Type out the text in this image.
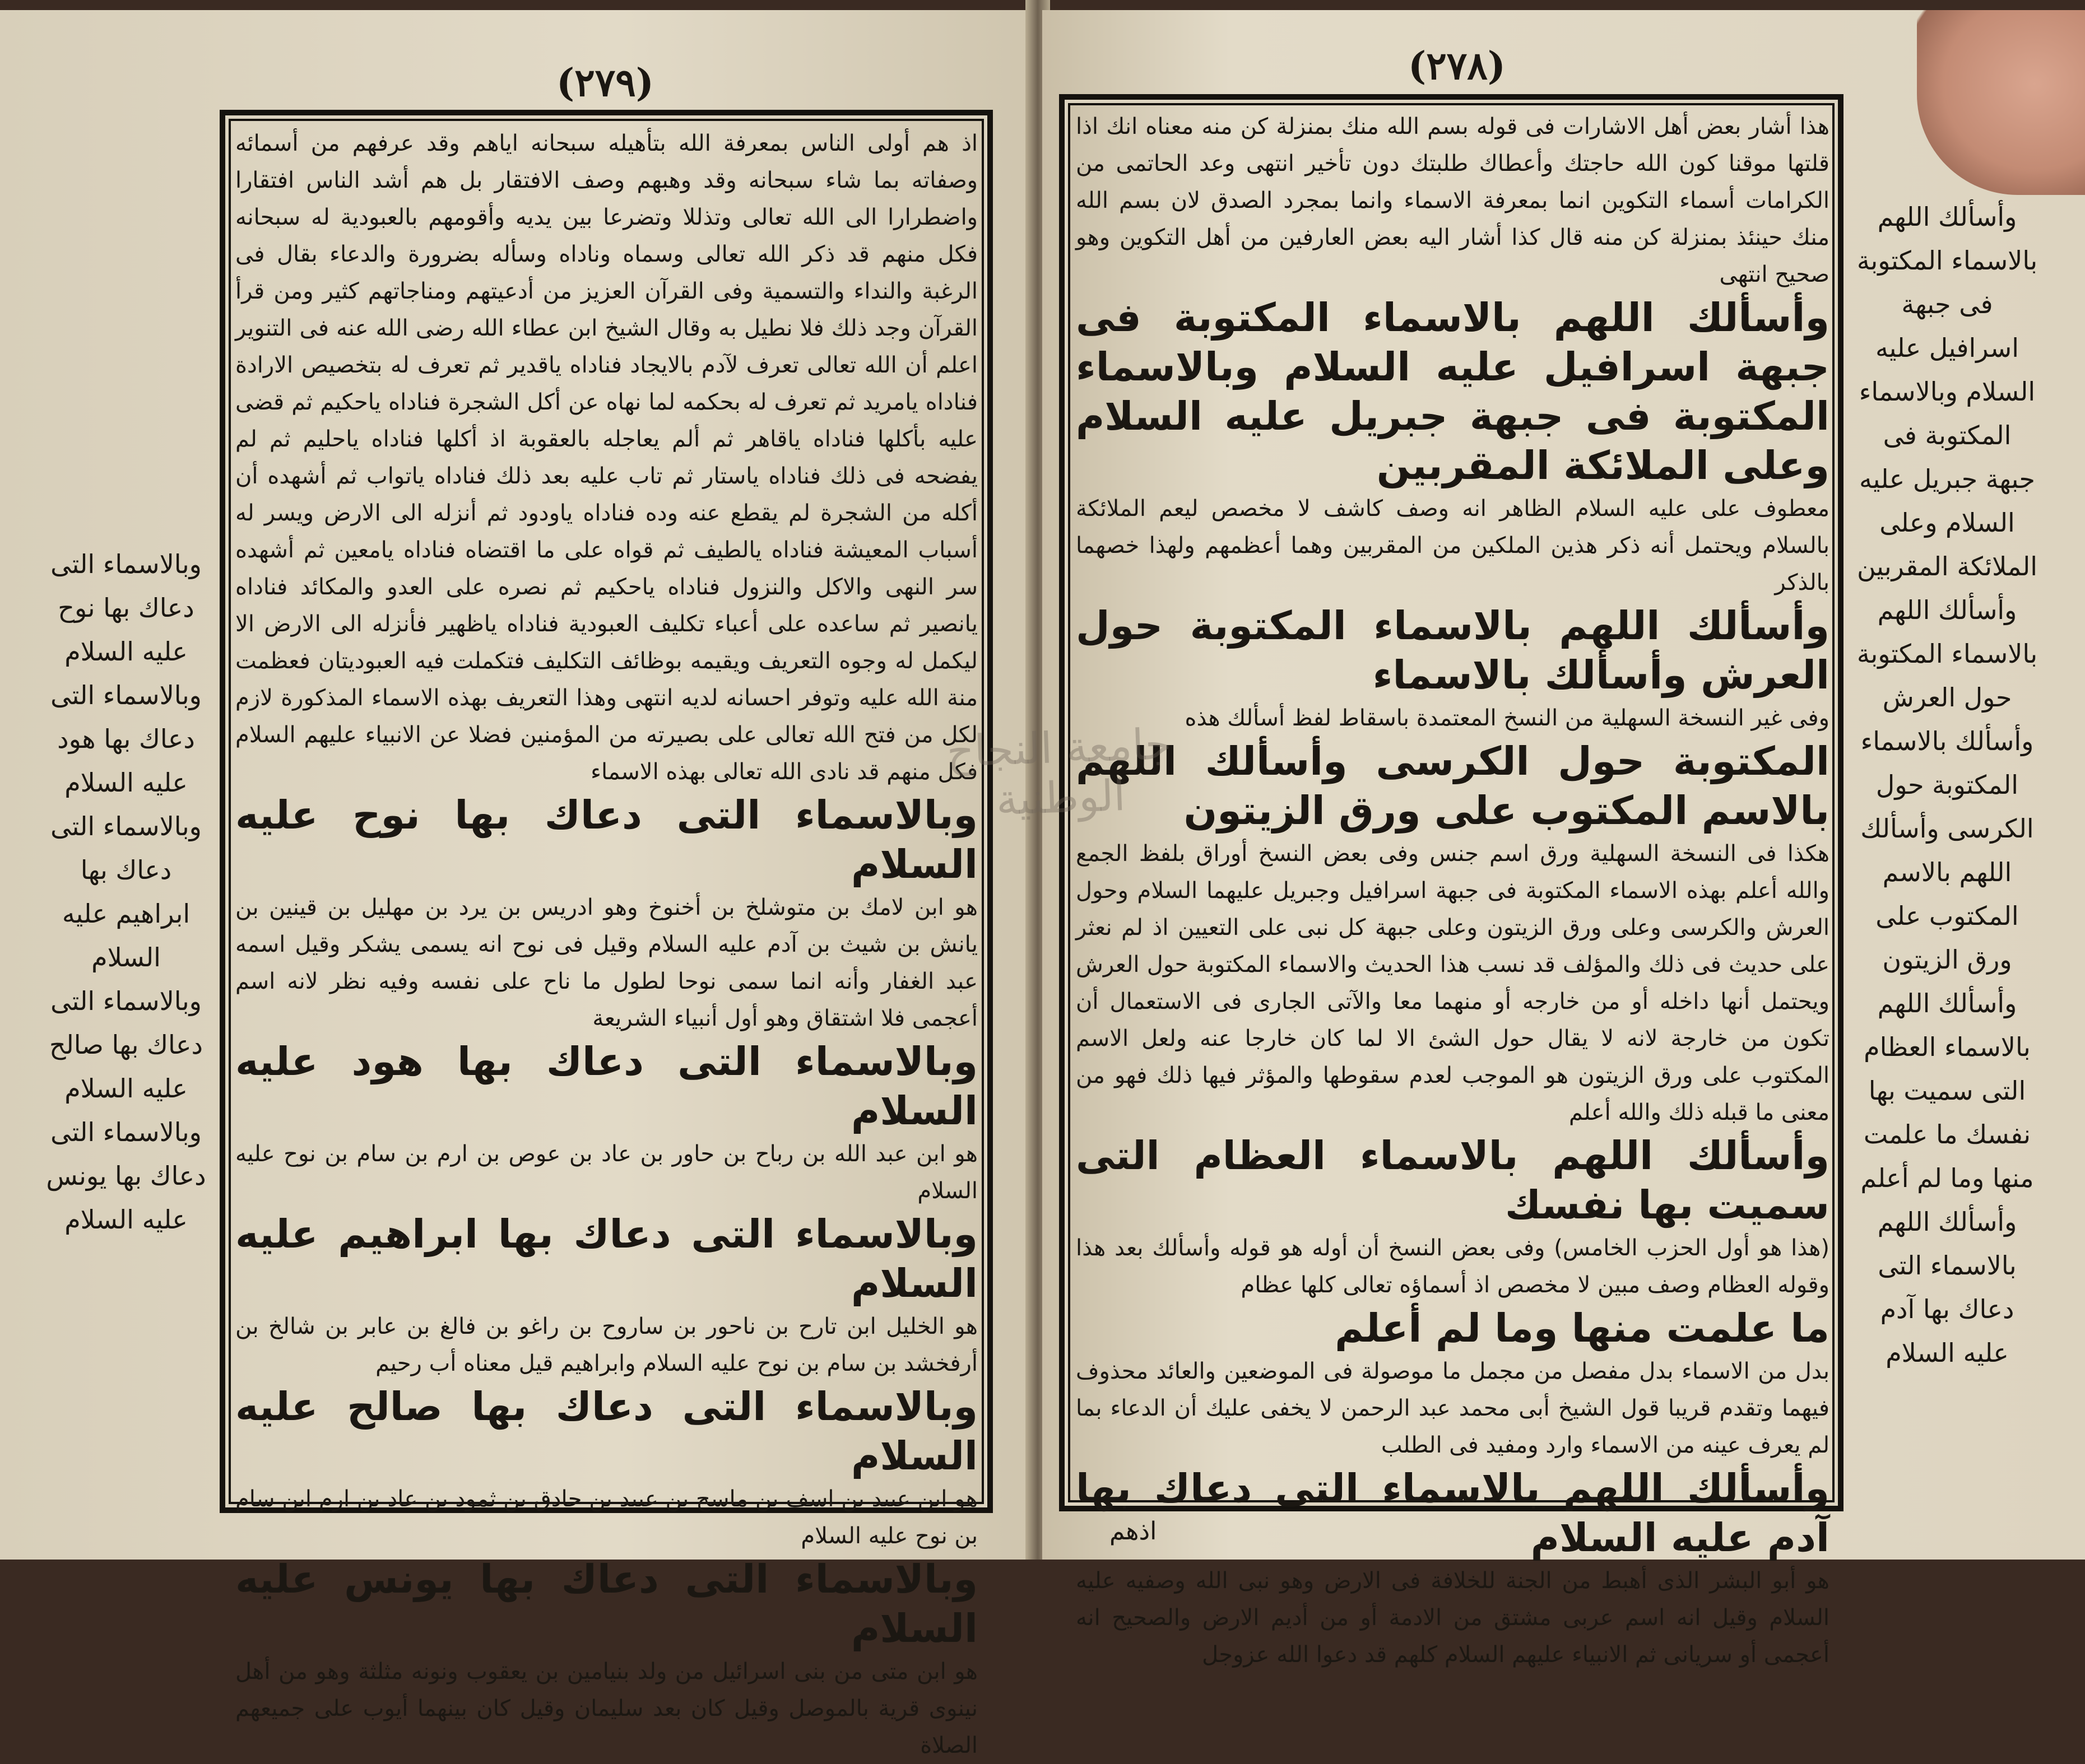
(٢٧٩)

اذ هم أولى الناس بمعرفة الله بتأهيله سبحانه اياهم وقد عرفهم من أسمائه وصفاته بما شاء سبحانه وقد وهبهم وصف الافتقار بل هم أشد الناس افتقارا واضطرارا الى الله تعالى وتذللا وتضرعا بين يديه وأقومهم بالعبودية له سبحانه فكل منهم قد ذكر الله تعالى وسماه وناداه وسأله بضرورة والدعاء بقال فى الرغبة والنداء والتسمية وفى القرآن العزيز من أدعيتهم ومناجاتهم كثير ومن قرأ القرآن وجد ذلك فلا نطيل به وقال الشيخ ابن عطاء الله رضى الله عنه فى التنوير اعلم أن الله تعالى تعرف لآدم بالايجاد فناداه ياقدير ثم تعرف له بتخصيص الارادة فناداه يامريد ثم تعرف له بحكمه لما نهاه عن أكل الشجرة فناداه ياحكيم ثم قضى عليه بأكلها فناداه ياقاهر ثم ألم يعاجله بالعقوبة اذ أكلها فناداه ياحليم ثم لم يفضحه فى ذلك فناداه ياستار ثم تاب عليه بعد ذلك فناداه ياتواب ثم أشهده أن أكله من الشجرة لم يقطع عنه وده فناداه ياودود ثم أنزله الى الارض ويسر له أسباب المعيشة فناداه يالطيف ثم قواه على ما اقتضاه فناداه يامعين ثم أشهده سر النهى والاكل والنزول فناداه ياحكيم ثم نصره على العدو والمكائد فناداه يانصير ثم ساعده على أعباء تكليف العبودية فناداه ياظهير فأنزله الى الارض الا ليكمل له وجوه التعريف ويقيمه بوظائف التكليف فتكملت فيه العبوديتان فعظمت منة الله عليه وتوفر احسانه لديه انتهى وهذا التعريف بهذه الاسماء المذكورة لازم لكل من فتح الله تعالى على بصيرته من المؤمنين فضلا عن الانبياء عليهم السلام فكل منهم قد نادى الله تعالى بهذه الاسماء

وبالاسماء التى دعاك بها نوح عليه السلام

هو ابن لامك بن متوشلخ بن أخنوخ وهو ادريس بن يرد بن مهليل بن قينين بن يانش بن شيث بن آدم عليه السلام وقيل فى نوح انه يسمى يشكر وقيل اسمه عبد الغفار وأنه انما سمى نوحا لطول ما ناح على نفسه وفيه نظر لانه اسم أعجمى فلا اشتقاق وهو أول أنبياء الشريعة

وبالاسماء التى دعاك بها هود عليه السلام

هو ابن عبد الله بن رباح بن حاور بن عاد بن عوص بن ارم بن سام بن نوح عليه السلام

وبالاسماء التى دعاك بها ابراهيم عليه السلام

هو الخليل ابن تارح بن ناحور بن ساروح بن راغو بن فالغ بن عابر بن شالخ بن أرفخشد بن سام بن نوح عليه السلام وابراهيم قيل معناه أب رحيم

وبالاسماء التى دعاك بها صالح عليه السلام

هو ابن عبيد بن اسف بن ماسح بن عبيد بن حادق بن ثمود بن عاد بن ارم ابن سام بن نوح عليه السلام

وبالاسماء التى دعاك بها يونس عليه السلام

هو ابن متى من بنى اسرائيل من ولد بنيامين بن يعقوب ونونه مثلثة وهو من أهل نينوى قرية بالموصل وقيل كان بعد سليمان وقيل كان بينهما أيوب على جميعهم الصلاة

وبالاسماء التى دعاك بها نوح عليه السلام وبالاسماء التى دعاك بها هود عليه السلام وبالاسماء التى دعاك بها ابراهيم عليه السلام وبالاسماء التى دعاك بها صالح عليه السلام وبالاسماء التى دعاك بها يونس عليه السلام
(٢٧٨)

هذا أشار بعض أهل الاشارات فى قوله بسم الله منك بمنزلة كن منه معناه انك اذا قلتها موقنا كون الله حاجتك وأعطاك طلبتك دون تأخير انتهى وعد الحاتمى من الكرامات أسماء التكوين انما بمعرفة الاسماء وانما بمجرد الصدق لان بسم الله منك حينئذ بمنزلة كن منه قال كذا أشار اليه بعض العارفين من أهل التكوين وهو صحيح انتهى

وأسألك اللهم بالاسماء المكتوبة فى جبهة اسرافيل عليه السلام وبالاسماء المكتوبة فى جبهة جبريل عليه السلام وعلى الملائكة المقربين

معطوف على عليه السلام الظاهر انه وصف كاشف لا مخصص ليعم الملائكة بالسلام ويحتمل أنه ذكر هذين الملكين من المقربين وهما أعظمهم ولهذا خصهما بالذكر

وأسألك اللهم بالاسماء المكتوبة حول العرش وأسألك بالاسماء

وفى غير النسخة السهلية من النسخ المعتمدة باسقاط لفظ أسألك هذه

المكتوبة حول الكرسى وأسألك اللهم بالاسم المكتوب على ورق الزيتون

هكذا فى النسخة السهلية ورق اسم جنس وفى بعض النسخ أوراق بلفظ الجمع والله أعلم بهذه الاسماء المكتوبة فى جبهة اسرافيل وجبريل عليهما السلام وحول العرش والكرسى وعلى ورق الزيتون وعلى جبهة كل نبى على التعيين اذ لم نعثر على حديث فى ذلك والمؤلف قد نسب هذا الحديث والاسماء المكتوبة حول العرش ويحتمل أنها داخله أو من خارجه أو منهما معا والآتى الجارى فى الاستعمال أن تكون من خارجة لانه لا يقال حول الشئ الا لما كان خارجا عنه ولعل الاسم المكتوب على ورق الزيتون هو الموجب لعدم سقوطها والمؤثر فيها ذلك فهو من معنى ما قبله ذلك والله أعلم

وأسألك اللهم بالاسماء العظام التى سميت بها نفسك

(هذا هو أول الحزب الخامس) وفى بعض النسخ أن أوله هو قوله وأسألك بعد هذا وقوله العظام وصف مبين لا مخصص اذ أسماؤه تعالى كلها عظام

ما علمت منها وما لم أعلم

بدل من الاسماء بدل مفصل من مجمل ما موصولة فى الموضعين والعائد محذوف فيهما وتقدم قريبا قول الشيخ أبى محمد عبد الرحمن لا يخفى عليك أن الدعاء بما لم يعرف عينه من الاسماء وارد ومفيد فى الطلب

وأسألك اللهم بالاسماء التى دعاك بها آدم عليه السلام

هو أبو البشر الذى أهبط من الجنة للخلافة فى الارض وهو نبى الله وصفيه عليه السلام وقيل انه اسم عربى مشتق من الادمة أو من أديم الارض والصحيح انه أعجمى أو سريانى ثم الانبياء عليهم السلام كلهم قد دعوا الله عزوجل

وأسألك اللهم بالاسماء المكتوبة فى جبهة اسرافيل عليه السلام وبالاسماء المكتوبة فى جبهة جبريل عليه السلام وعلى الملائكة المقربين وأسألك اللهم بالاسماء المكتوبة حول العرش وأسألك بالاسماء المكتوبة حول الكرسى وأسألك اللهم بالاسم المكتوب على ورق الزيتون وأسألك اللهم بالاسماء العظام التى سميت بها نفسك ما علمت منها وما لم أعلم وأسألك اللهم بالاسماء التى دعاك بها آدم عليه السلام
اذهم
جامعة النجاح الوطنية
